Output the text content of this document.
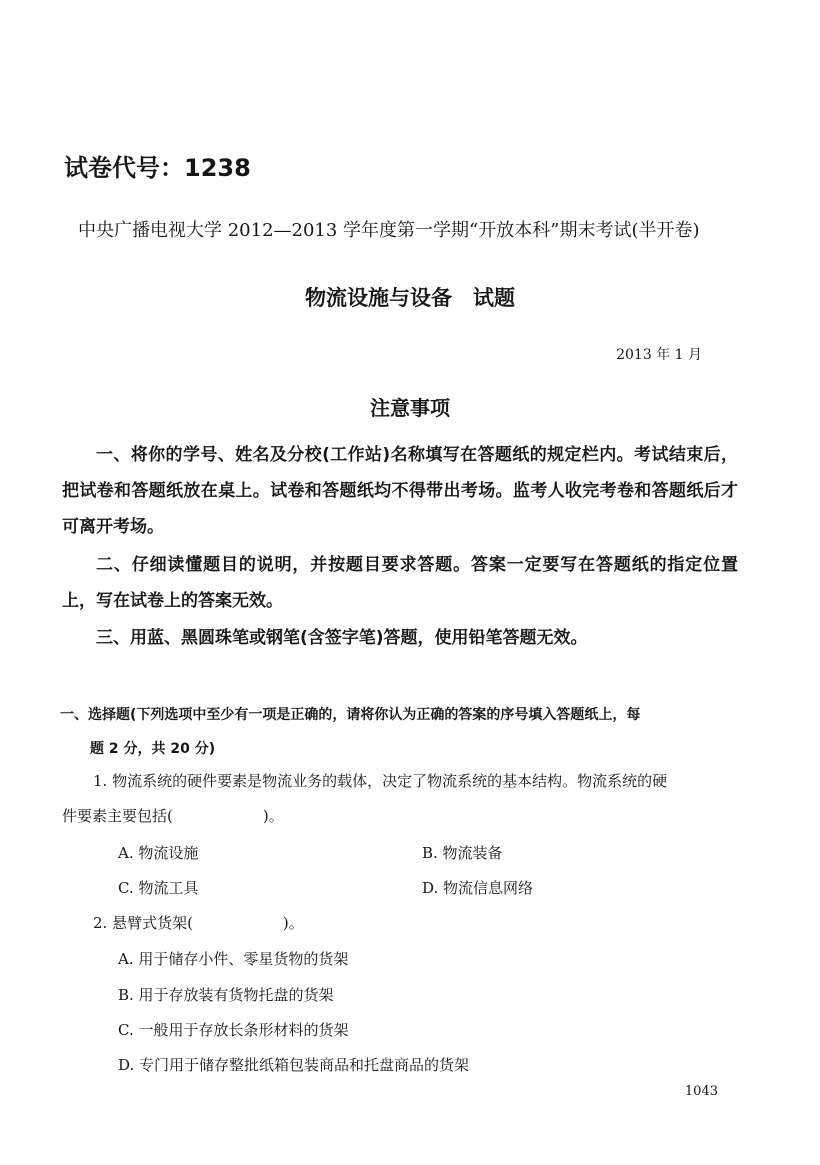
试卷代号：1238
中央广播电视大学 2012—2013 学年度第一学期“开放本科”期末考试(半开卷)
物流设施与设备　试题
2013 年 1 月
注意事项
一、将你的学号、姓名及分校(工作站)名称填写在答题纸的规定栏内。考试结束后，把试卷和答题纸放在桌上。试卷和答题纸均不得带出考场。监考人收完考卷和答题纸后才可离开考场。
二、仔细读懂题目的说明，并按题目要求答题。答案一定要写在答题纸的指定位置上，写在试卷上的答案无效。
三、用蓝、黑圆珠笔或钢笔(含签字笔)答题，使用铅笔答题无效。
一、选择题(下列选项中至少有一项是正确的，请将你认为正确的答案的序号填入答题纸上，每
题 2 分，共 20 分)
1. 物流系统的硬件要素是物流业务的载体，决定了物流系统的基本结构。物流系统的硬
件要素主要包括(　　　　　　)。
A. 物流设施	B. 物流装备
C. 物流工具	D. 物流信息网络
2. 悬臂式货架(　　　　　　)。
A. 用于储存小件、零星货物的货架
B. 用于存放装有货物托盘的货架
C. 一般用于存放长条形材料的货架
D. 专门用于储存整批纸箱包装商品和托盘商品的货架
1043
